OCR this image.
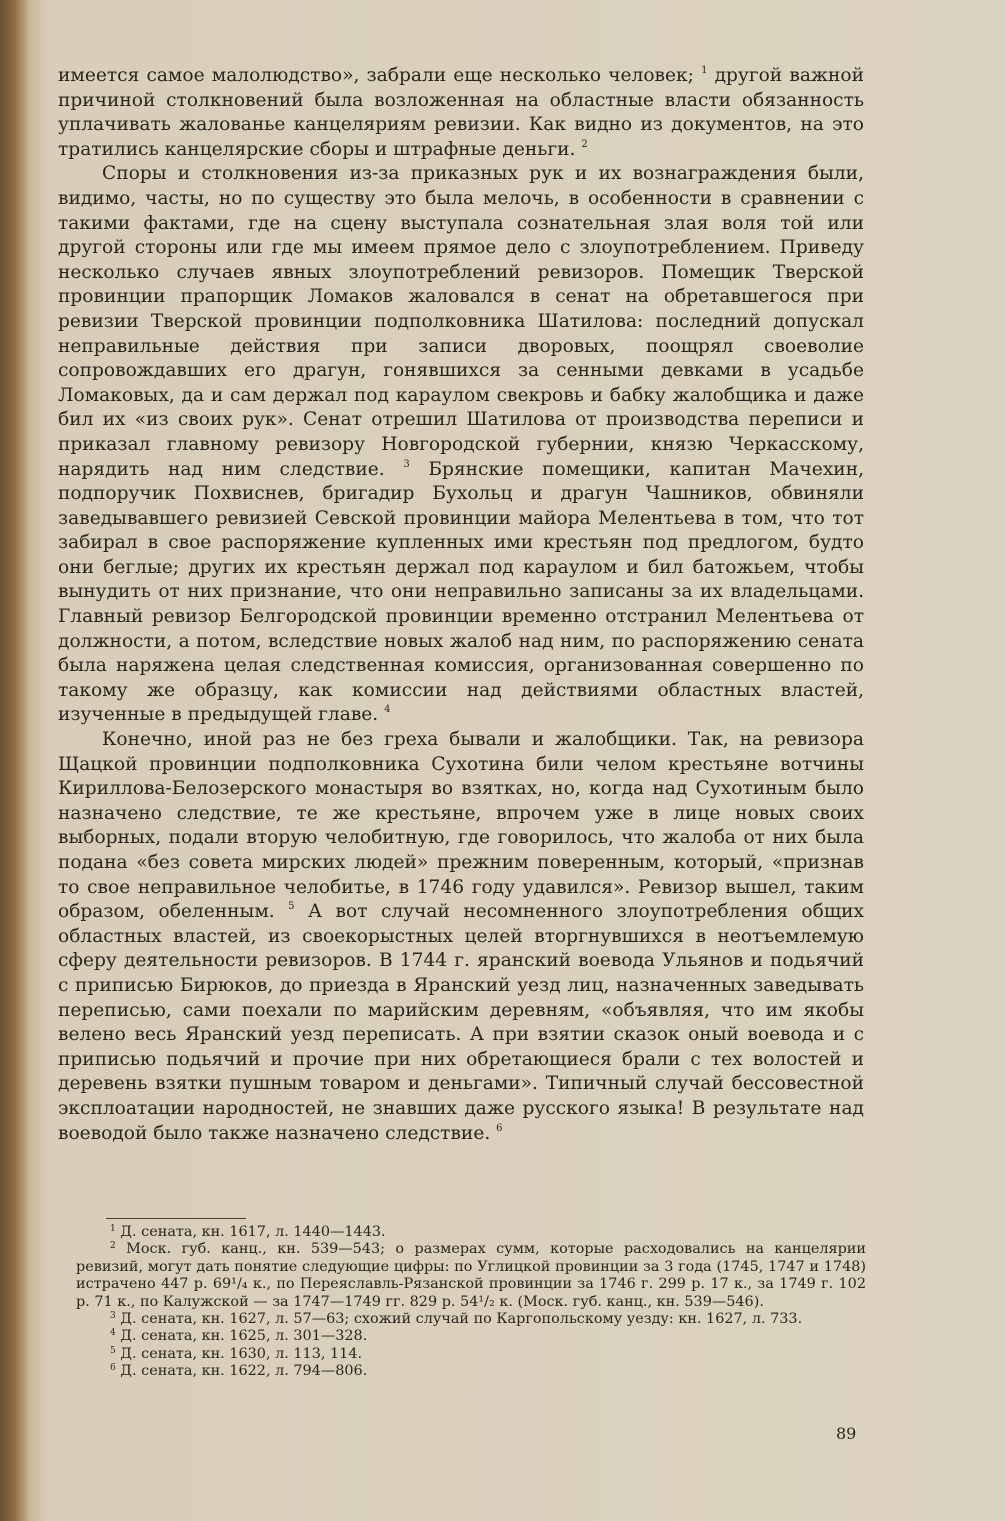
имеется самое малолюдство», забрали еще несколько человек; $^1$ другой важной причиной столкновений была возложенная на областные власти обязанность уплачивать жалованье канцеляриям ревизии. Как видно из документов, на это тратились канцелярские сборы и штрафные деньги. $^2$

Споры и столкновения из-за приказных рук и их вознаграждения были, видимо, часты, но по существу это была мелочь, в особенности в сравнении с такими фактами, где на сцену выступала сознательная злая воля той или другой стороны или где мы имеем прямое дело с злоупотреблением. Приведу несколько случаев явных злоупотреблений ревизоров. Помещик Тверской провинции прапорщик Ломаков жаловался в сенат на обретавшегося при ревизии Тверской провинции подполковника Шатилова: последний допускал неправильные действия при записи дворовых, поощрял своеволие сопровождавших его драгун, гонявшихся за сенными девками в усадьбе Ломаковых, да и сам держал под караулом свекровь и бабку жалобщика и даже бил их «из своих рук». Сенат отрешил Шатилова от производства переписи и приказал главному ревизору Новгородской губернии, князю Черкасскому, нарядить над ним следствие. $^3$ Брянские помещики, капитан Мачехин, подпоручик Похвиснев, бригадир Бухольц и драгун Чашников, обвиняли заведывавшего ревизией Севской провинции майора Мелентьева в том, что тот забирал в свое распоряжение купленных ими крестьян под предлогом, будто они беглые; других их крестьян держал под караулом и бил батожьем, чтобы вынудить от них признание, что они неправильно записаны за их владельцами. Главный ревизор Белгородской провинции временно отстранил Мелентьева от должности, а потом, вследствие новых жалоб над ним, по распоряжению сената была наряжена целая следственная комиссия, организованная совершенно по такому же образцу, как комиссии над действиями областных властей, изученные в предыдущей главе. $^4$

Конечно, иной раз не без греха бывали и жалобщики. Так, на ревизора Щацкой провинции подполковника Сухотина били челом крестьяне вотчины Кириллова-Белозерского монастыря во взятках, но, когда над Сухотиным было назначено следствие, те же крестьяне, впрочем уже в лице новых своих выборных, подали вторую челобитную, где говорилось, что жалоба от них была подана «без совета мирских людей» прежним поверенным, который, «признав то свое неправильное челобитье, в 1746 году удавился». Ревизор вышел, таким образом, обеленным. $^5$ А вот случай несомненного злоупотребления общих областных властей, из своекорыстных целей вторгнувшихся в неотъемлемую сферу деятельности ревизоров. В 1744 г. яранский воевода Ульянов и подьячий с приписью Бирюков, до приезда в Яранский уезд лиц, назначенных заведывать переписью, сами поехали по марийским деревням, «объявляя, что им якобы велено весь Яранский уезд переписать. А при взятии сказок оный воевода и с приписью подьячий и прочие при них обретающиеся брали с тех волостей и деревень взятки пушным товаром и деньгами». Типичный случай бессовестной эксплоатации народностей, не знавших даже русского языка! В результате над воеводой было также назначено следствие. $^6$

$^1$ Д. сената, кн. 1617, л. 1440—1443.

$^2$ Моск. губ. канц., кн. 539—543; о размерах сумм, которые расходовались на канцелярии ревизий, могут дать понятие следующие цифры: по Углицкой провинции за 3 года (1745, 1747 и 1748) истрачено 447 р. 69¹/₄ к., по Переяславль-Рязанской провинции за 1746 г. 299 р. 17 к., за 1749 г. 102 р. 71 к., по Калужской — за 1747—1749 гг. 829 р. 54¹/₂ к. (Моск. губ. канц., кн. 539—546).

$^3$ Д. сената, кн. 1627, л. 57—63; схожий случай по Каргопольскому уезду: кн. 1627, л. 733.

$^4$ Д. сената, кн. 1625, л. 301—328.

$^5$ Д. сената, кн. 1630, л. 113, 114.

$^6$ Д. сената, кн. 1622, л. 794—806.

89
